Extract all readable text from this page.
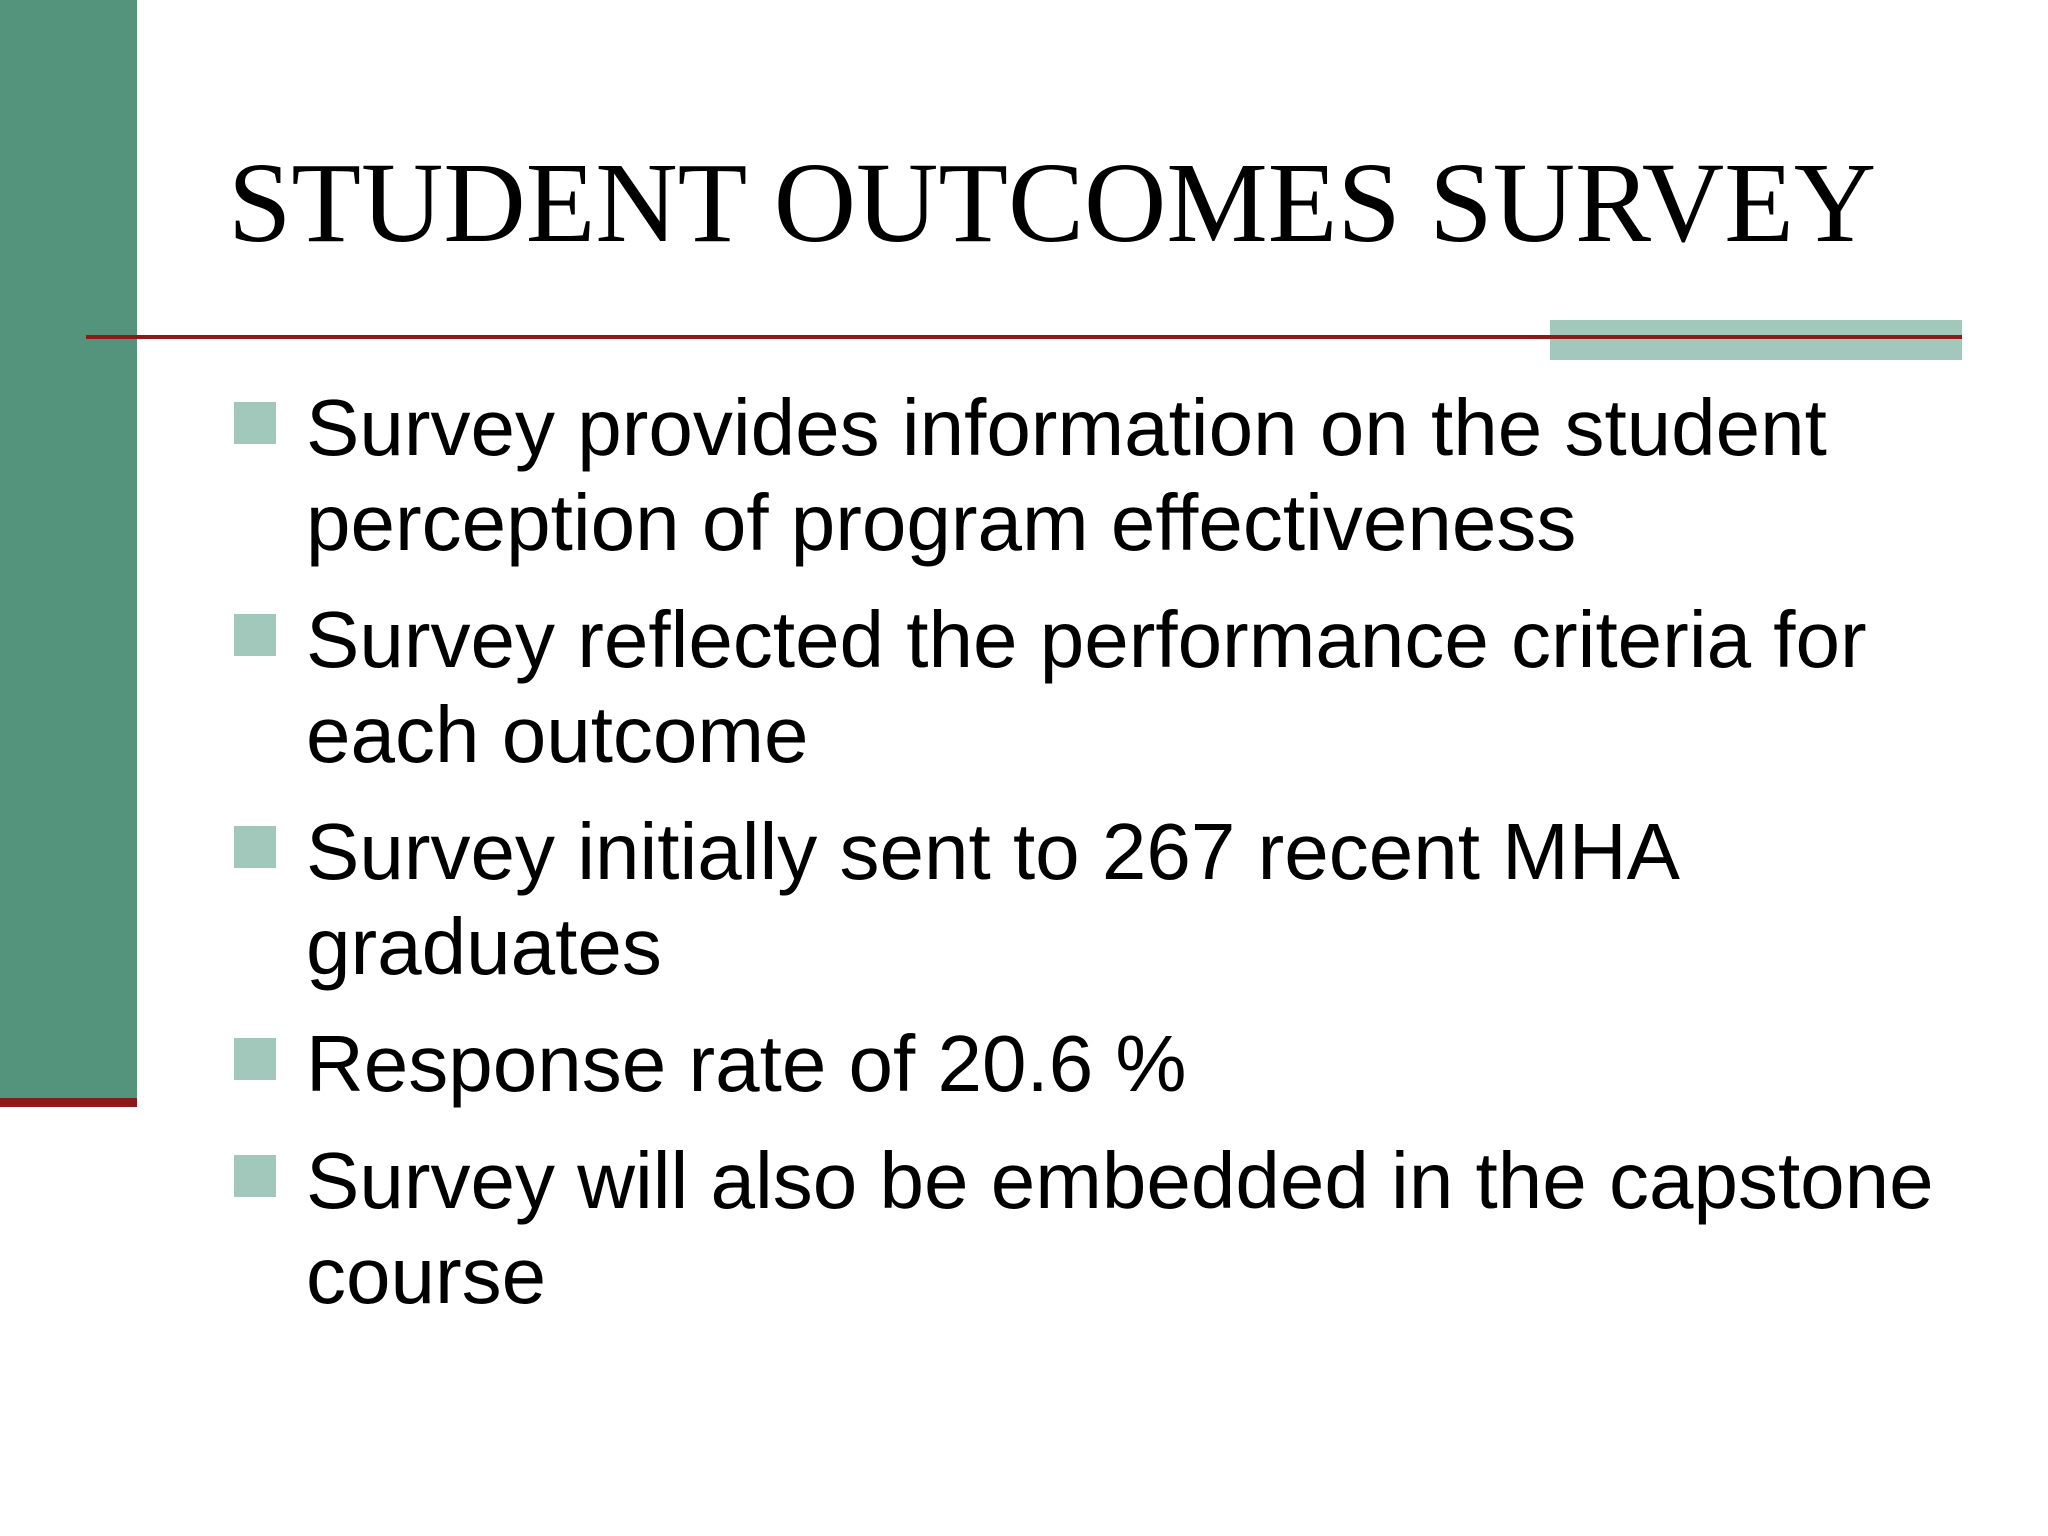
STUDENT OUTCOMES SURVEY
Survey provides information on the student perception of program effectiveness
Survey reflected the performance criteria for each outcome
Survey initially sent to 267 recent MHA graduates
Response rate of 20.6 %
Survey will also be embedded in the capstone course
